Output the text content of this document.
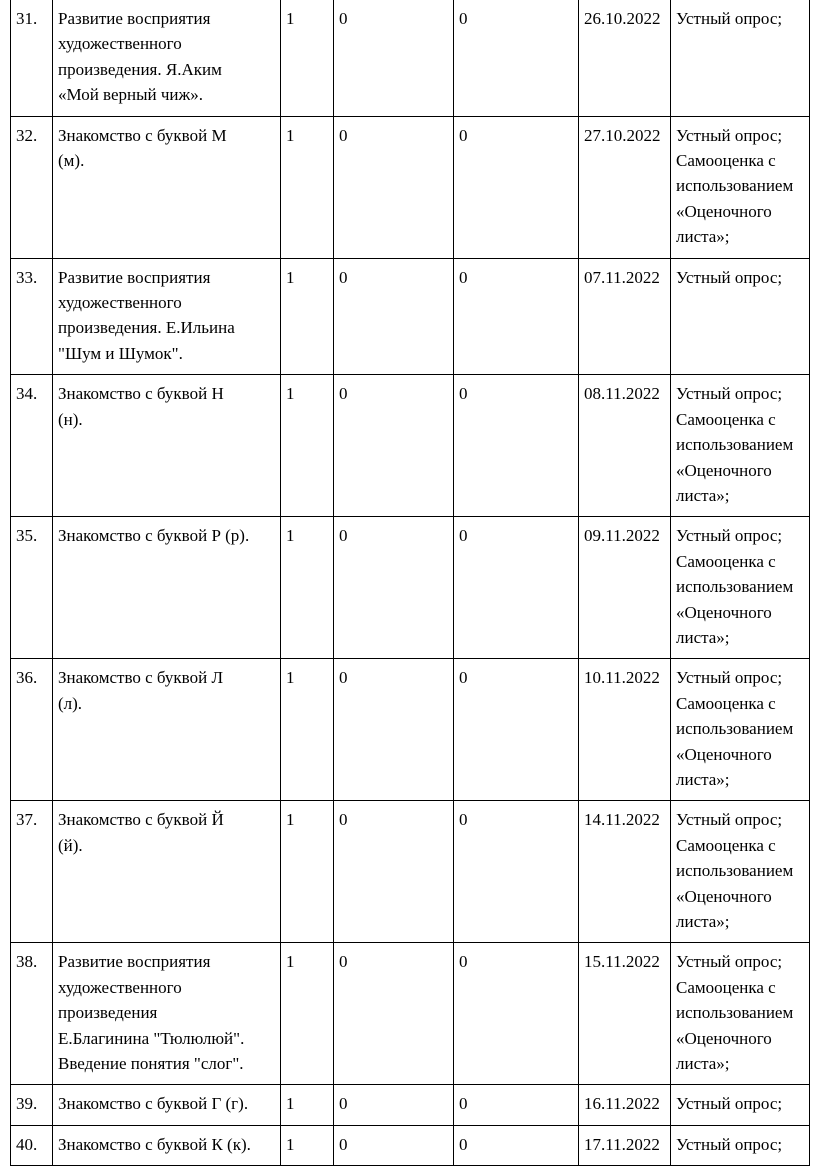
31.	Развитие восприятия
художественного
произведения. Я.Аким
«Мой верный чиж».	1	0	0	26.10.2022	Устный опрос;

32.	Знакомство с буквой М
(м).	1	0	0	27.10.2022	Устный опрос;
Самооценка с
использованием
«Оценочного
листа»;

33.	Развитие восприятия
художественного
произведения. Е.Ильина
"Шум и Шумок".	1	0	0	07.11.2022	Устный опрос;

34.	Знакомство с буквой Н
(н).	1	0	0	08.11.2022	Устный опрос;
Самооценка с
использованием
«Оценочного
листа»;

35.	Знакомство с буквой Р (р).	1	0	0	09.11.2022	Устный опрос;
Самооценка с
использованием
«Оценочного
листа»;

36.	Знакомство с буквой Л
(л).	1	0	0	10.11.2022	Устный опрос;
Самооценка с
использованием
«Оценочного
листа»;

37.	Знакомство с буквой Й
(й).	1	0	0	14.11.2022	Устный опрос;
Самооценка с
использованием
«Оценочного
листа»;

38.	Развитие восприятия
художественного
произведения
Е.Благинина "Тюлюлюй".
Введение понятия "слог".	1	0	0	15.11.2022	Устный опрос;
Самооценка с
использованием
«Оценочного
листа»;

39.	Знакомство с буквой Г (г).	1	0	0	16.11.2022	Устный опрос;

40.	Знакомство с буквой К (к).	1	0	0	17.11.2022	Устный опрос;
